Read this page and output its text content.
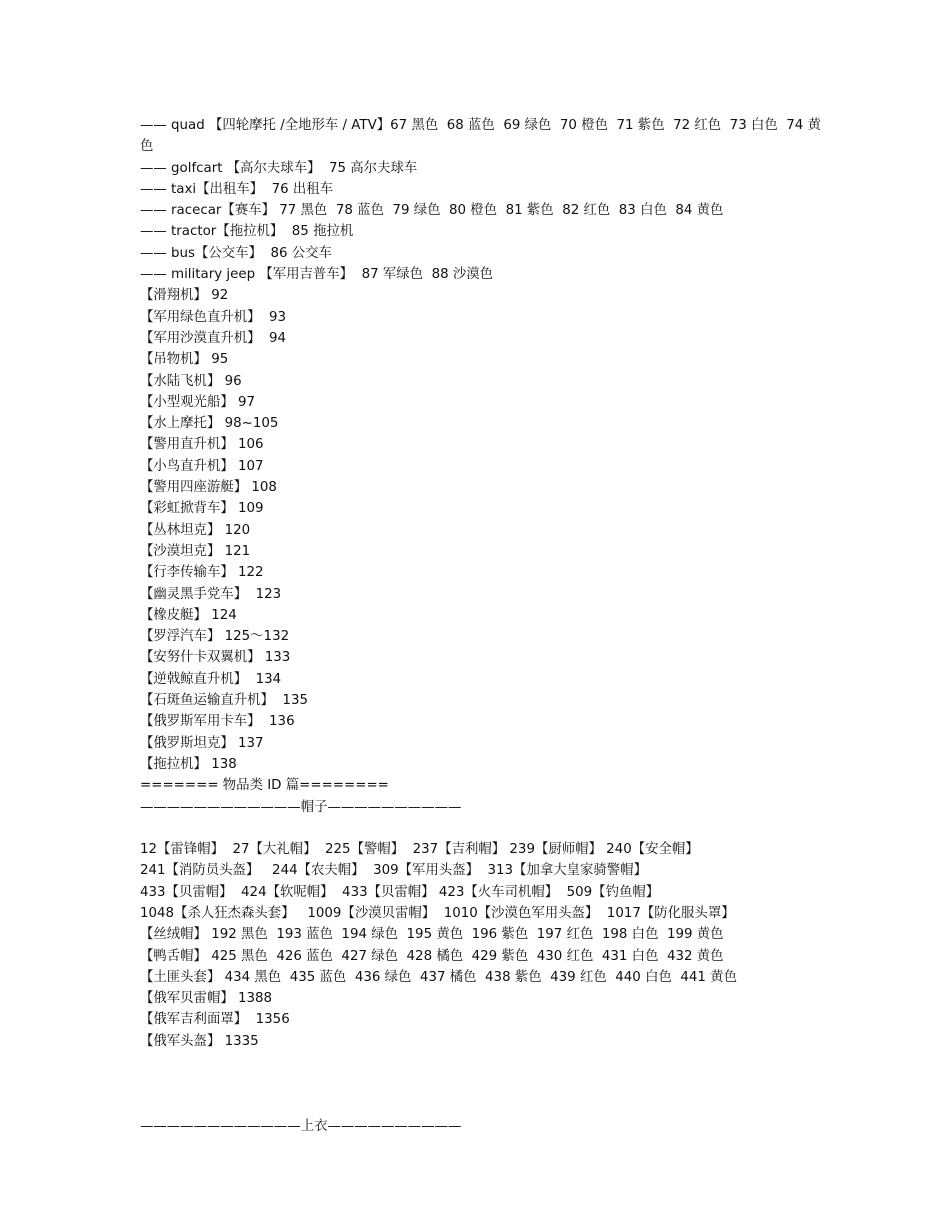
—— quad 【四轮摩托 /全地形车 / ATV】67 黑色  68 蓝色  69 绿色  70 橙色  71 紫色  72 红色  73 白色  74 黄色
—— golfcart 【高尔夫球车】  75 高尔夫球车
—— taxi【出租车】  76 出租车
—— racecar【赛车】 77 黑色  78 蓝色  79 绿色  80 橙色  81 紫色  82 红色  83 白色  84 黄色
—— tractor【拖拉机】  85 拖拉机
—— bus【公交车】  86 公交车
—— military jeep 【军用吉普车】  87 军绿色  88 沙漠色
【滑翔机】 92
【军用绿色直升机】  93
【军用沙漠直升机】  94
【吊物机】 95
【水陆飞机】 96
【小型观光船】 97
【水上摩托】 98~105
【警用直升机】 106
【小鸟直升机】 107
【警用四座游艇】 108
【彩虹掀背车】 109
【丛林坦克】 120
【沙漠坦克】 121
【行李传输车】 122
【幽灵黑手党车】  123
【橡皮艇】 124
【罗浮汽车】 125～132
【安努什卡双翼机】 133
【逆戟鲸直升机】  134
【石斑鱼运输直升机】  135
【俄罗斯军用卡车】  136
【俄罗斯坦克】 137
【拖拉机】 138
======= 物品类 ID 篇========
————————————帽子——————————
12【雷锋帽】  27【大礼帽】  225【警帽】  237【吉利帽】 239【厨师帽】 240【安全帽】
241【消防员头盔】   244【农夫帽】  309【军用头盔】  313【加拿大皇家骑警帽】
433【贝雷帽】  424【软呢帽】  433【贝雷帽】 423【火车司机帽】  509【钓鱼帽】
1048【杀人狂杰森头套】   1009【沙漠贝雷帽】  1010【沙漠色军用头盔】  1017【防化服头罩】
【丝绒帽】 192 黑色  193 蓝色  194 绿色  195 黄色  196 紫色  197 红色  198 白色  199 黄色
【鸭舌帽】 425 黑色  426 蓝色  427 绿色  428 橘色  429 紫色  430 红色  431 白色  432 黄色
【土匪头套】 434 黑色  435 蓝色  436 绿色  437 橘色  438 紫色  439 红色  440 白色  441 黄色
【俄军贝雷帽】 1388
【俄军吉利面罩】  1356
【俄军头盔】 1335
————————————上衣——————————
